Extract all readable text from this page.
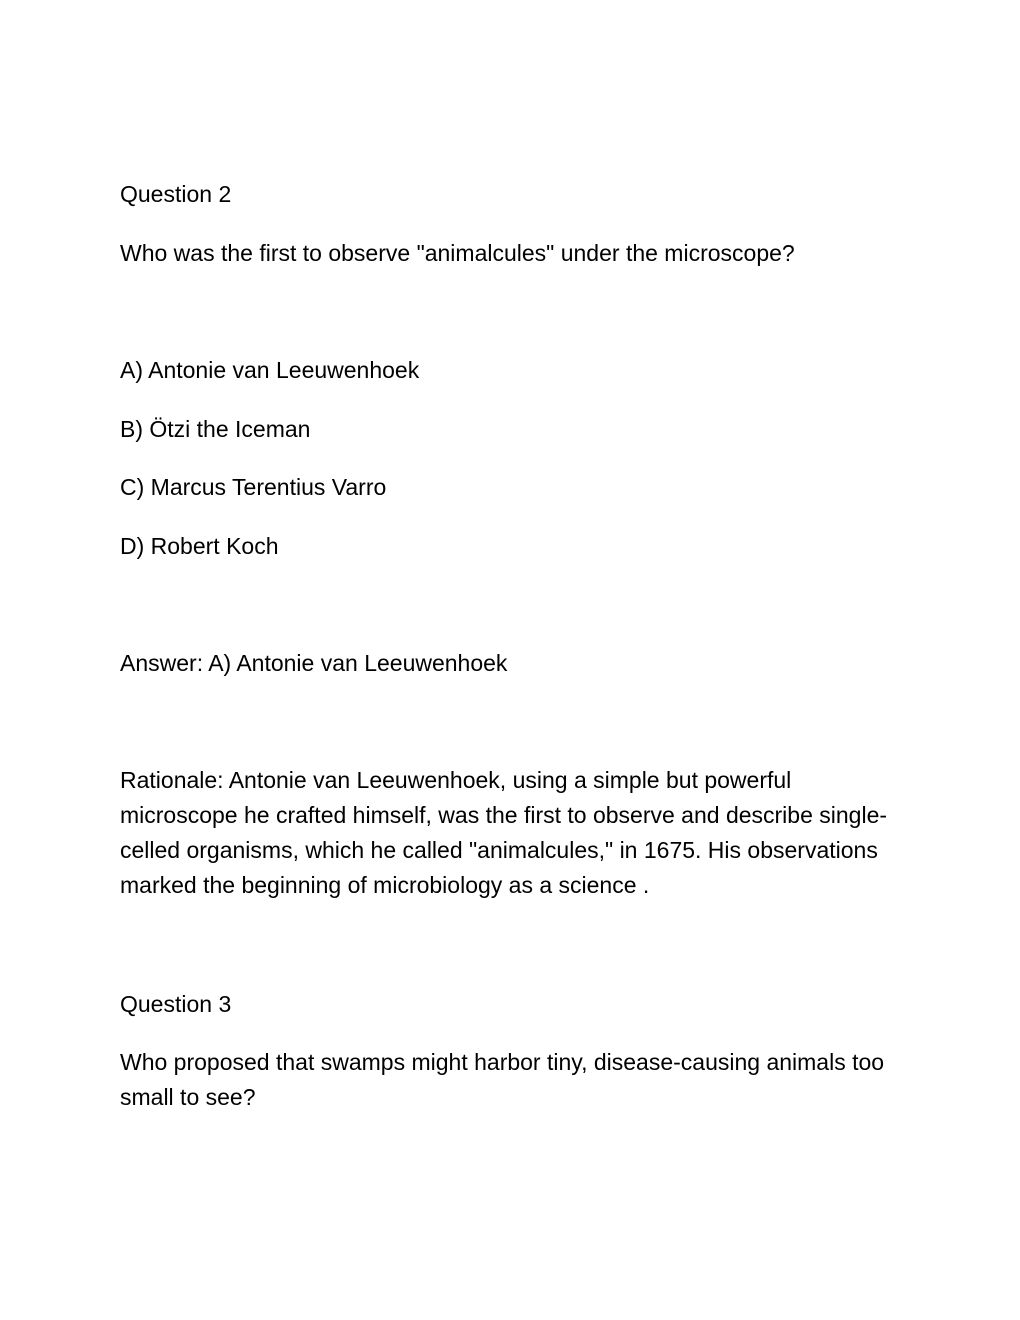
Question 2

Who was the first to observe "animalcules" under the microscope?

A) Antonie van Leeuwenhoek

B) Ötzi the Iceman

C) Marcus Terentius Varro

D) Robert Koch

Answer: A) Antonie van Leeuwenhoek

Rationale: Antonie van Leeuwenhoek, using a simple but powerful microscope he crafted himself, was the first to observe and describe single-celled organisms, which he called "animalcules," in 1675. His observations marked the beginning of microbiology as a science .

Question 3

Who proposed that swamps might harbor tiny, disease-causing animals too small to see?
